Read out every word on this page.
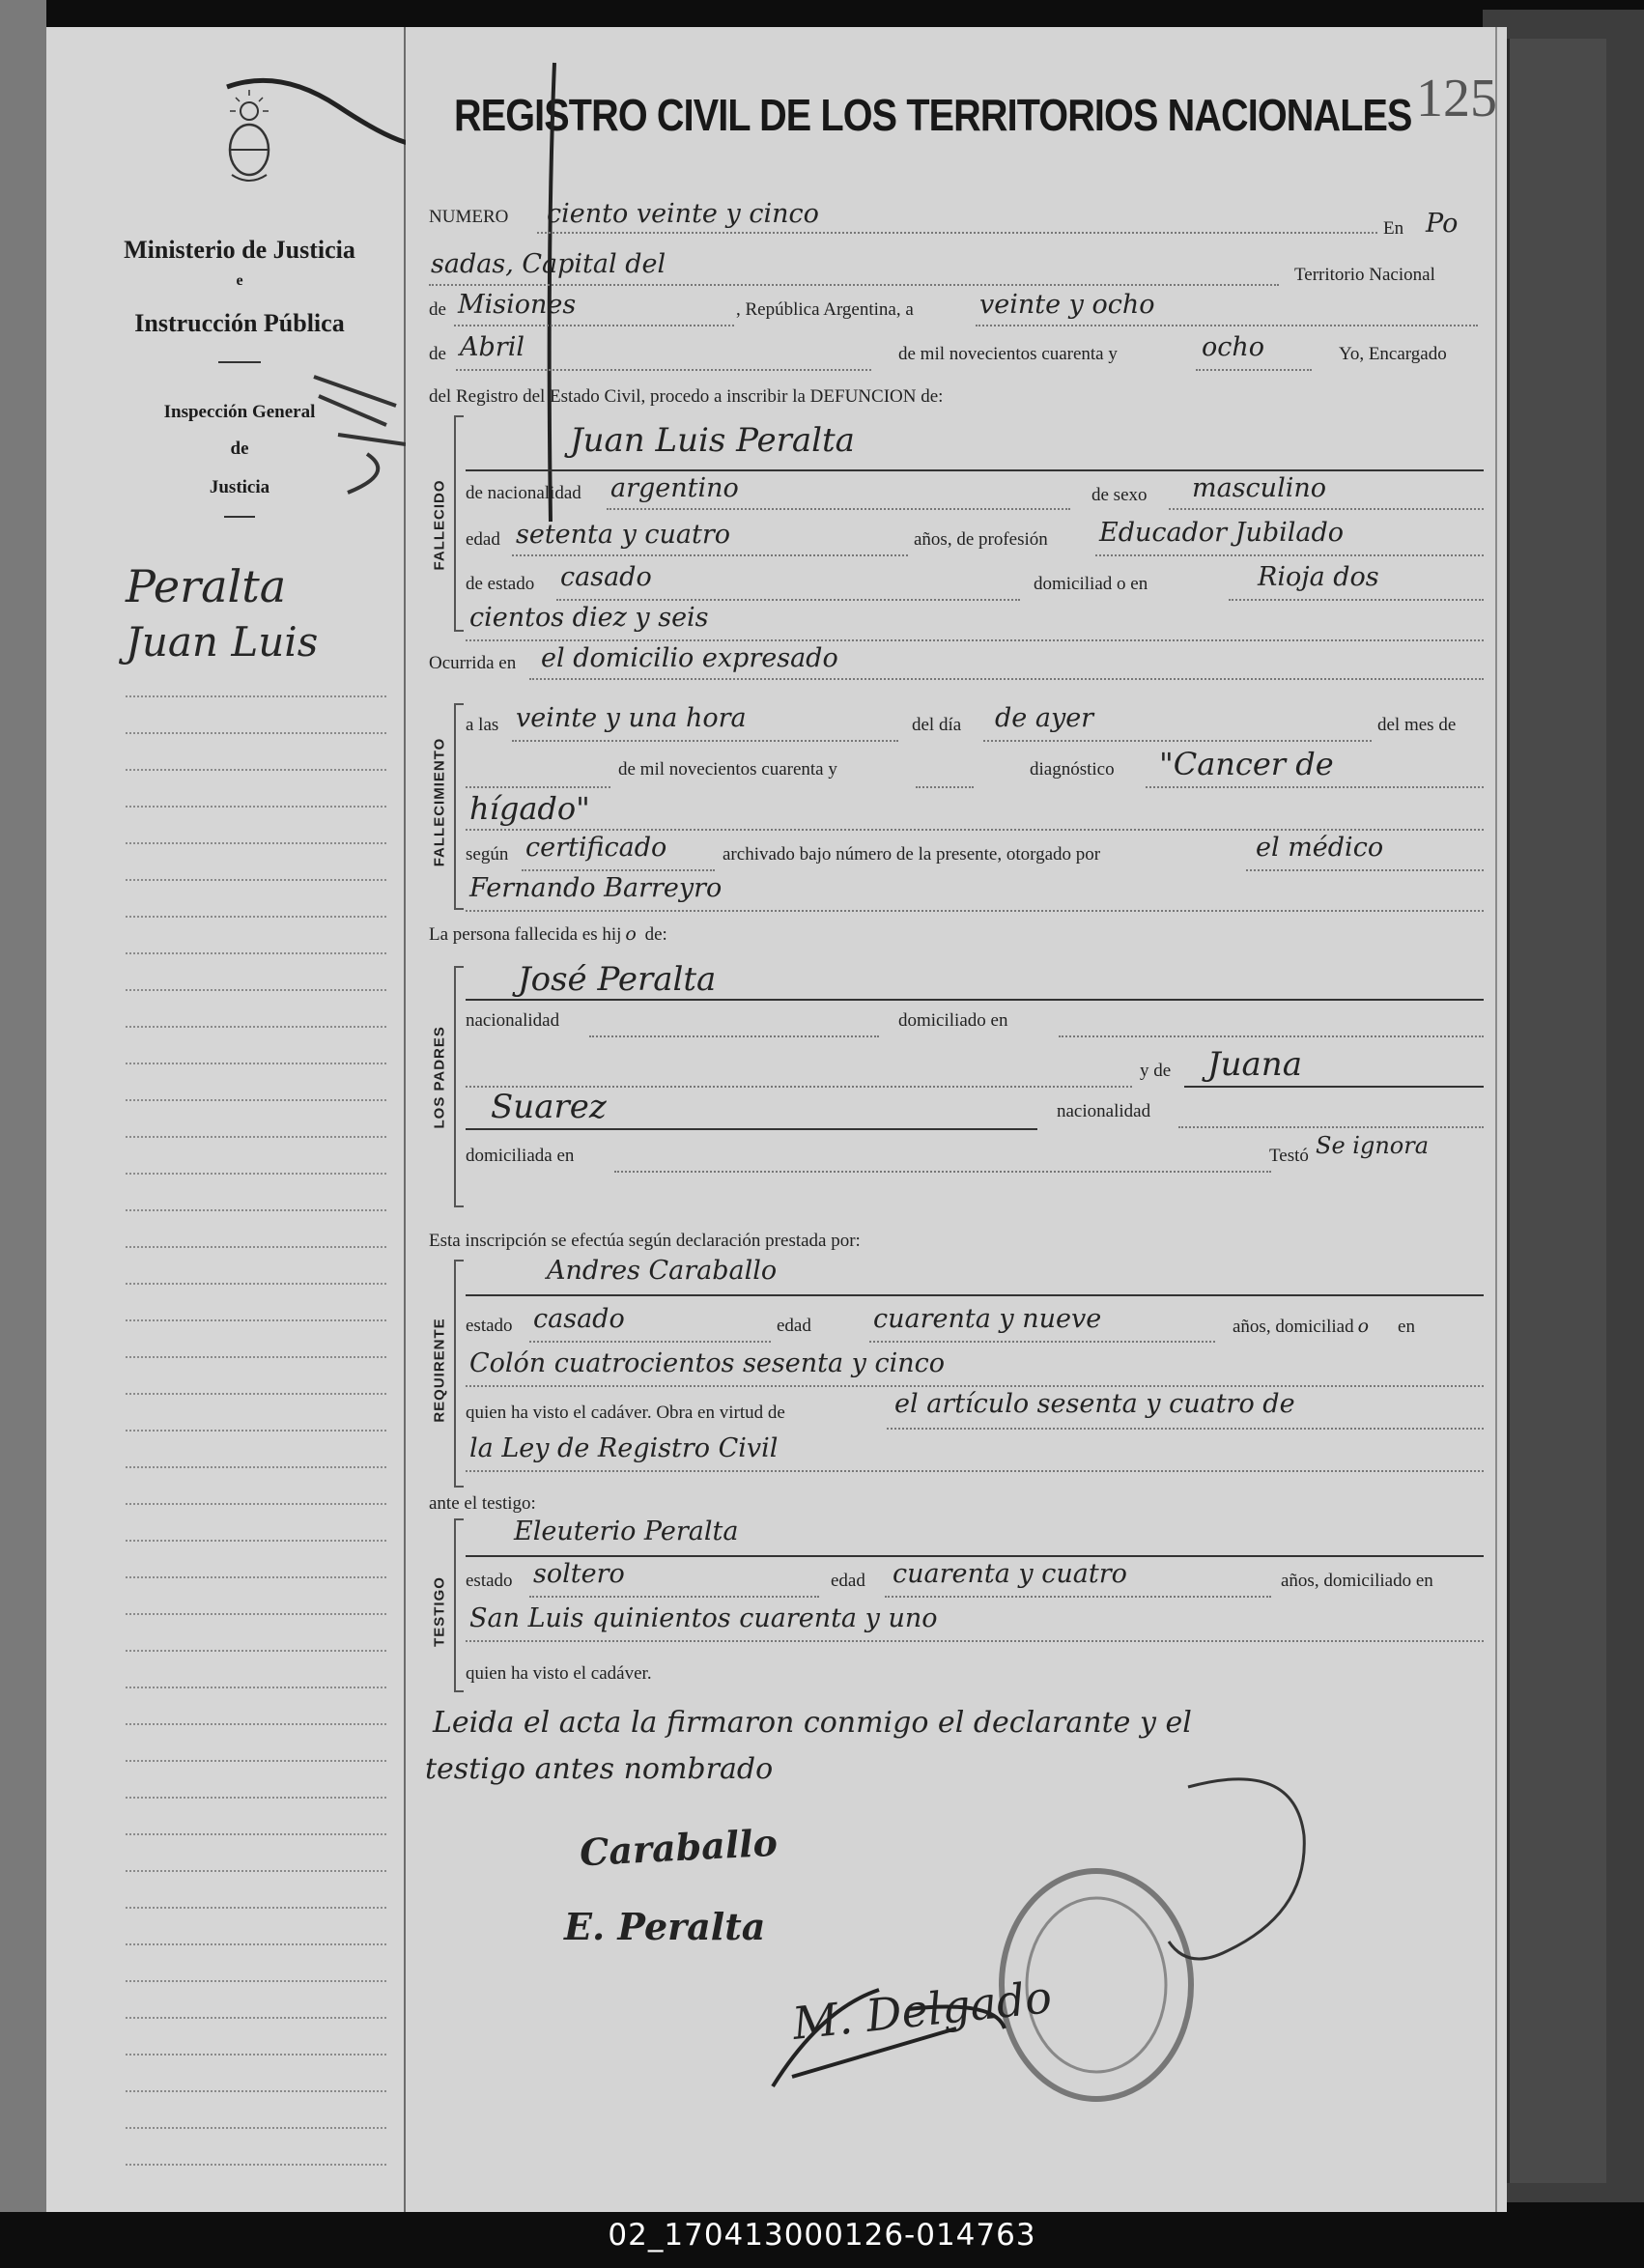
Ministerio de Justicia
e
Instrucción Pública
Inspección General
de
Justicia
Peralta
Juan Luis
REGISTRO CIVIL DE LOS TERRITORIOS NACIONALES 125
NUMERO ciento veinte y cinco	En Po
sadas, Capital del	Territorio Nacional
de Misiones	, República Argentina, a	veinte y ocho
de Abril	de mil novecientos cuarenta y	ocho	Yo, Encargado
del Registro del Estado Civil, procedo a inscribir la DEFUNCION de:
FALLECIDO
Juan Luis Peralta
de nacionalidad argentino	de sexo masculino
edad setenta y cuatro	años, de profesión Educador Jubilado
de estado casado	domiciliad o en	Rioja dos
cientos diez y seis
Ocurrida en el domicilio expresado
FALLECIMIENTO
a las veinte y una hora	del día de ayer	del mes de
de mil novecientos cuarenta y	diagnóstico "Cancer de
hígado"
según certificado	archivado bajo número de la presente, otorgado por	el médico
Fernando Barreyro
La persona fallecida es hij o de:
LOS PADRES
José Peralta
nacionalidad	domiciliado en
y de Juana
Suarez	nacionalidad
domiciliada en	Testó Se ignora
Esta inscripción se efectúa según declaración prestada por:
REQUIRENTE
Andres Caraballo
estado casado	edad cuarenta y nueve	años, domiciliad o en
Colón cuatrocientos sesenta y cinco
quien ha visto el cadáver. Obra en virtud de	el artículo sesenta y cuatro de
la Ley de Registro Civil
ante el testigo:
TESTIGO
Eleuterio Peralta
estado soltero	edad cuarenta y cuatro	años, domiciliado en
San Luis quinientos cuarenta y uno
quien ha visto el cadáver.
Leida el acta la firmaron conmigo el declarante y el
testigo antes nombrado
Caraballo
E. Peralta
M. Delgado
02_170413000126-014763
